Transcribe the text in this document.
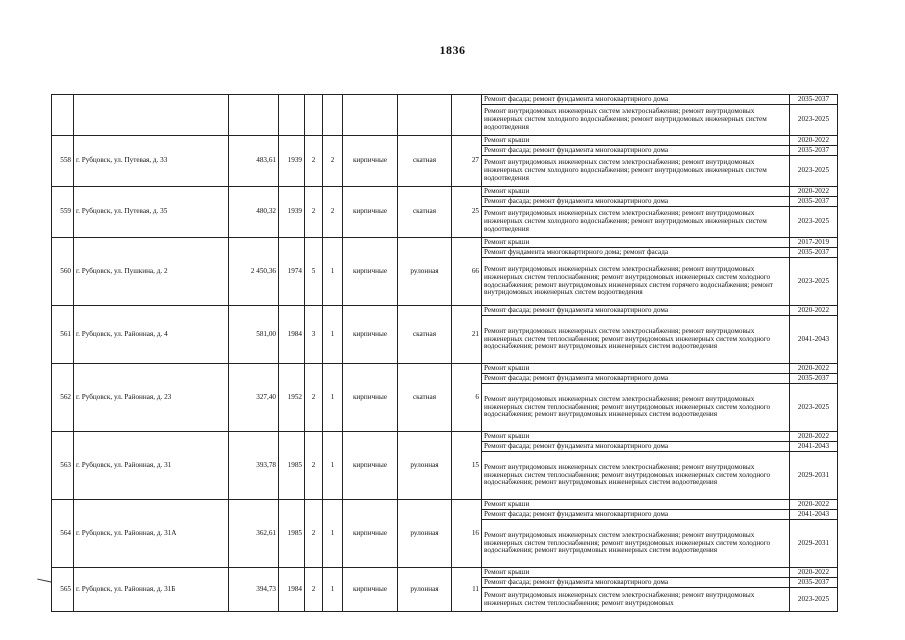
1836
									Ремонт фасада; ремонт фундамента многоквартирного дома	2035-2037
									Ремонт внутридомовых инженерных систем электроснабжения; ремонт внутридомовых инженерных систем холодного водоснабжения; ремонт внутридомовых инженерных систем водоотведения	2023-2025
558	г. Рубцовск, ул. Путевая, д. 33	483,61	1939	2	2	кирпичные	скатная	27	Ремонт крыши	2020-2022
									Ремонт фасада; ремонт фундамента многоквартирного дома	2035-2037
									Ремонт внутридомовых инженерных систем электроснабжения; ремонт внутридомовых инженерных систем холодного водоснабжения; ремонт внутридомовых инженерных систем водоотведения	2023-2025
559	г. Рубцовск, ул. Путевая, д. 35	480,32	1939	2	2	кирпичные	скатная	25	Ремонт крыши	2020-2022
									Ремонт фасада; ремонт фундамента многоквартирного дома	2035-2037
									Ремонт внутридомовых инженерных систем электроснабжения; ремонт внутридомовых инженерных систем холодного водоснабжения; ремонт внутридомовых инженерных систем водоотведения	2023-2025
560	г. Рубцовск, ул. Пушкина, д. 2	2 450,36	1974	5	1	кирпичные	рулонная	66	Ремонт крыши	2017-2019
									Ремонт фундамента многоквартирного дома; ремонт фасада	2035-2037
									Ремонт внутридомовых инженерных систем электроснабжения; ремонт внутридомовых инженерных систем теплоснабжения; ремонт внутридомовых инженерных систем холодного водоснабжения; ремонт внутридомовых инженерных систем горячего водоснабжения; ремонт внутридомовых инженерных систем водоотведения	2023-2025
561	г. Рубцовск, ул. Районная, д. 4	581,00	1984	3	1	кирпичные	скатная	21	Ремонт фасада; ремонт фундамента многоквартирного дома	2020-2022
									Ремонт внутридомовых инженерных систем электроснабжения; ремонт внутридомовых инженерных систем теплоснабжения; ремонт внутридомовых инженерных систем холодного водоснабжения; ремонт внутридомовых инженерных систем водоотведения	2041-2043
562	г. Рубцовск, ул. Районная, д. 23	327,40	1952	2	1	кирпичные	скатная	6	Ремонт крыши	2020-2022
									Ремонт фасада; ремонт фундамента многоквартирного дома	2035-2037
									Ремонт внутридомовых инженерных систем электроснабжения; ремонт внутридомовых инженерных систем теплоснабжения; ремонт внутридомовых инженерных систем холодного водоснабжения; ремонт внутридомовых инженерных систем водоотведения	2023-2025
563	г. Рубцовск, ул. Районная, д. 31	393,78	1985	2	1	кирпичные	рулонная	15	Ремонт крыши	2020-2022
									Ремонт фасада; ремонт фундамента многоквартирного дома	2041-2043
									Ремонт внутридомовых инженерных систем электроснабжения; ремонт внутридомовых инженерных систем теплоснабжения; ремонт внутридомовых инженерных систем холодного водоснабжения; ремонт внутридомовых инженерных систем водоотведения	2029-2031
564	г. Рубцовск, ул. Районная, д. 31А	362,61	1985	2	1	кирпичные	рулонная	16	Ремонт крыши	2020-2022
									Ремонт фасада; ремонт фундамента многоквартирного дома	2041-2043
									Ремонт внутридомовых инженерных систем электроснабжения; ремонт внутридомовых инженерных систем теплоснабжения; ремонт внутридомовых инженерных систем холодного водоснабжения; ремонт внутридомовых инженерных систем водоотведения	2029-2031
565	г. Рубцовск, ул. Районная, д. 31Б	394,73	1984	2	1	кирпичные	рулонная	11	Ремонт крыши	2020-2022
									Ремонт фасада; ремонт фундамента многоквартирного дома	2035-2037
									Ремонт внутридомовых инженерных систем электроснабжения; ремонт внутридомовых инженерных систем теплоснабжения; ремонт внутридомовых	2023-2025
